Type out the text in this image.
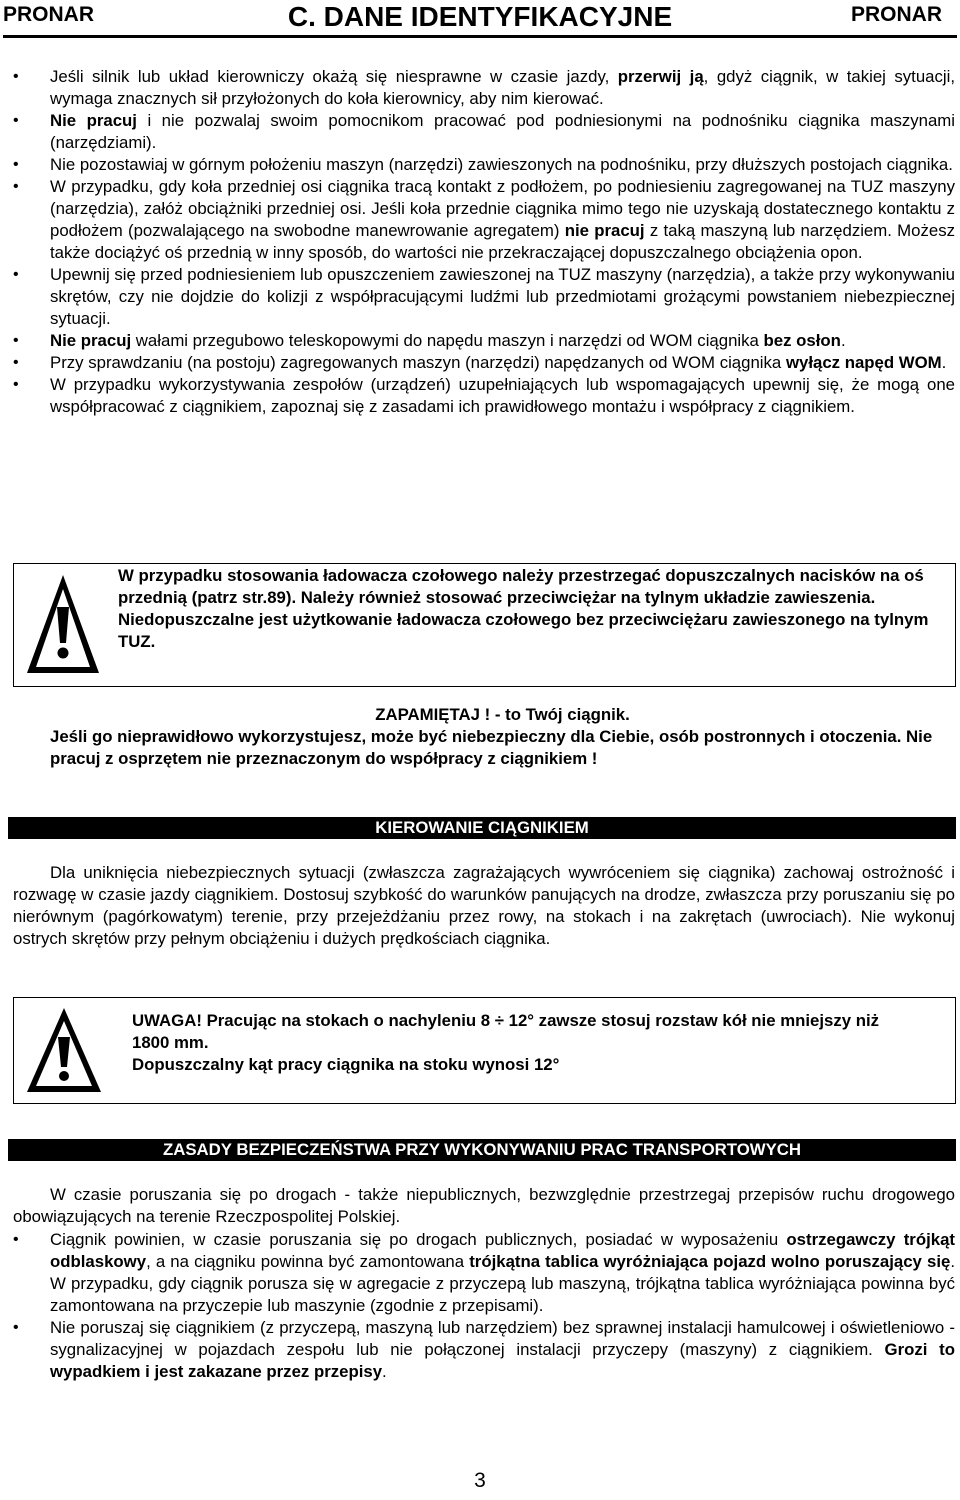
PRONAR	C. DANE IDENTYFIKACYJNE	PRONAR
• Jeśli silnik lub układ kierowniczy okażą się niesprawne w czasie jazdy, przerwij ją, gdyż ciągnik, w takiej sytuacji, wymaga znacznych sił przyłożonych do koła kierownicy, aby nim kierować.
• Nie pracuj i nie pozwalaj swoim pomocnikom pracować pod podniesionymi na podnośniku ciągnika maszynami (narzędziami).
• Nie pozostawiaj w górnym położeniu maszyn (narzędzi) zawieszonych na podnośniku, przy dłuższych postojach ciągnika.
• W przypadku, gdy koła przedniej osi ciągnika tracą kontakt z podłożem, po podniesieniu zagregowanej na TUZ maszyny (narzędzia), załóż obciążniki przedniej osi. Jeśli koła przednie ciągnika mimo tego nie uzyskają dostatecznego kontaktu z podłożem (pozwalającego na swobodne manewrowanie agregatem) nie pracuj z taką maszyną lub narzędziem. Możesz także dociążyć oś przednią w inny sposób, do wartości nie przekraczającej dopuszczalnego obciążenia opon.
• Upewnij się przed podniesieniem lub opuszczeniem zawieszonej na TUZ maszyny (narzędzia), a także przy wykonywaniu skrętów, czy nie dojdzie do kolizji z współpracującymi ludźmi lub przedmiotami grożącymi powstaniem niebezpiecznej sytuacji.
• Nie pracuj wałami przegubowo teleskopowymi do napędu maszyn i narzędzi od WOM ciągnika bez osłon.
• Przy sprawdzaniu (na postoju) zagregowanych maszyn (narzędzi) napędzanych od WOM ciągnika wyłącz napęd WOM.
• W przypadku wykorzystywania zespołów (urządzeń) uzupełniających lub wspomagających upewnij się, że mogą one współpracować z ciągnikiem, zapoznaj się z zasadami ich prawidłowego montażu i współpracy z ciągnikiem.

W przypadku stosowania ładowacza czołowego należy przestrzegać dopuszczalnych nacisków na oś przednią (patrz str.89). Należy również stosować przeciwciężar na tylnym układzie zawieszenia.

Niedopuszczalne jest użytkowanie ładowacza czołowego bez przeciwciężaru zawieszonego na tylnym TUZ.

ZAPAMIĘTAJ ! - to Twój ciągnik.

Jeśli go nieprawidłowo wykorzystujesz, może być niebezpieczny dla Ciebie, osób postronnych i otoczenia. Nie pracuj z osprzętem nie przeznaczonym do współpracy z ciągnikiem !

KIEROWANIE CIĄGNIKIEM

Dla uniknięcia niebezpiecznych sytuacji (zwłaszcza zagrażających wywróceniem się ciągnika) zachowaj ostrożność i rozwagę w czasie jazdy ciągnikiem. Dostosuj szybkość do warunków panujących na drodze, zwłaszcza przy poruszaniu się po nierównym (pagórkowatym) terenie, przy przejeżdżaniu przez rowy, na stokach i na zakrętach (uwrociach). Nie wykonuj ostrych skrętów przy pełnym obciążeniu i dużych prędkościach ciągnika.

UWAGA! Pracując na stokach o nachyleniu 8 ÷ 12° zawsze stosuj rozstaw kół nie mniejszy niż 1800 mm.

Dopuszczalny kąt pracy ciągnika na stoku wynosi 12°

ZASADY BEZPIECZEŃSTWA PRZY WYKONYWANIU PRAC TRANSPORTOWYCH

W czasie poruszania się po drogach - także niepublicznych, bezwzględnie przestrzegaj przepisów ruchu drogowego obowiązujących na terenie Rzeczpospolitej Polskiej.

• Ciągnik powinien, w czasie poruszania się po drogach publicznych, posiadać w wyposażeniu ostrzegawczy trójkąt odblaskowy, a na ciągniku powinna być zamontowana trójkątna tablica wyróżniająca pojazd wolno poruszający się. W przypadku, gdy ciągnik porusza się w agregacie z przyczepą lub maszyną, trójkątna tablica wyróżniająca powinna być zamontowana na przyczepie lub maszynie (zgodnie z przepisami).
• Nie poruszaj się ciągnikiem (z przyczepą, maszyną lub narzędziem) bez sprawnej instalacji hamulcowej i oświetleniowo - sygnalizacyjnej w pojazdach zespołu lub nie połączonej instalacji przyczepy (maszyny) z ciągnikiem. Grozi to wypadkiem i jest zakazane przez przepisy.
3
